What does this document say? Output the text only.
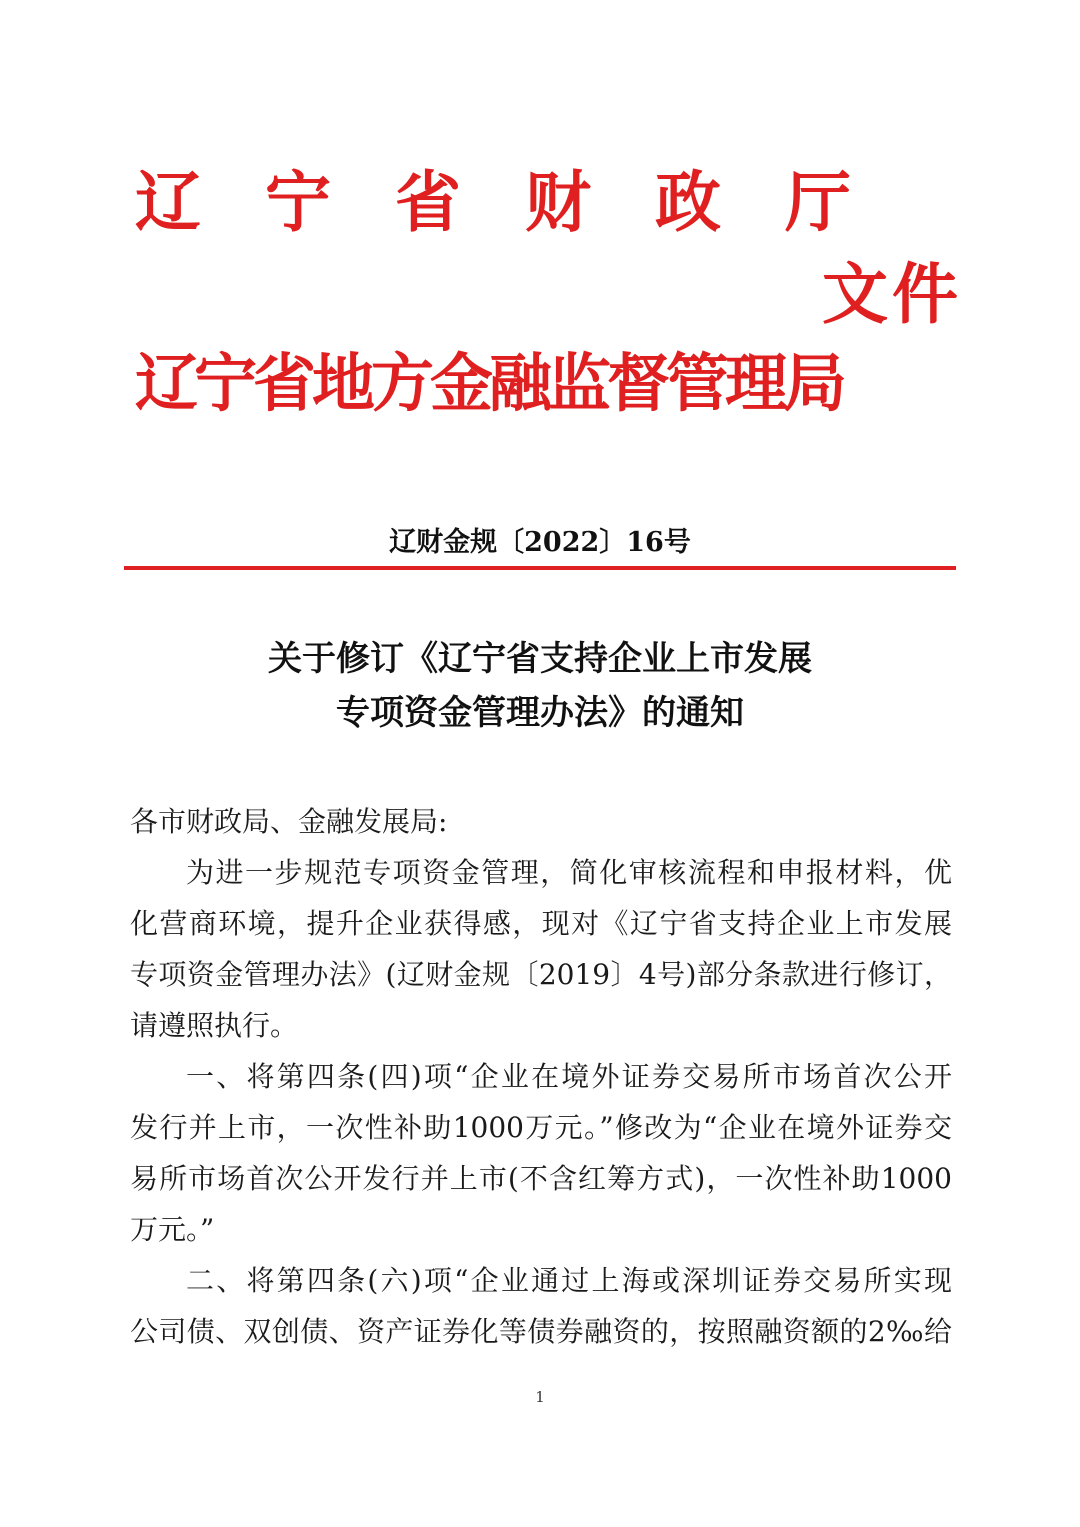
辽宁省财政厅
文件
辽宁省地方金融监督管理局
辽财金规〔2022〕16号
关于修订《辽宁省支持企业上市发展
专项资金管理办法》的通知
各市财政局、金融发展局:
为进一步规范专项资金管理，简化审核流程和申报材料，优
化营商环境，提升企业获得感，现对《辽宁省支持企业上市发展
专项资金管理办法》(辽财金规〔2019〕4号)部分条款进行修订，
请遵照执行。
一、将第四条(四)项“企业在境外证券交易所市场首次公开
发行并上市，一次性补助1000万元。”修改为“企业在境外证券交
易所市场首次公开发行并上市(不含红筹方式)，一次性补助1000
万元。”
二、将第四条(六)项“企业通过上海或深圳证券交易所实现
公司债、双创债、资产证券化等债券融资的，按照融资额的2‰给
1
